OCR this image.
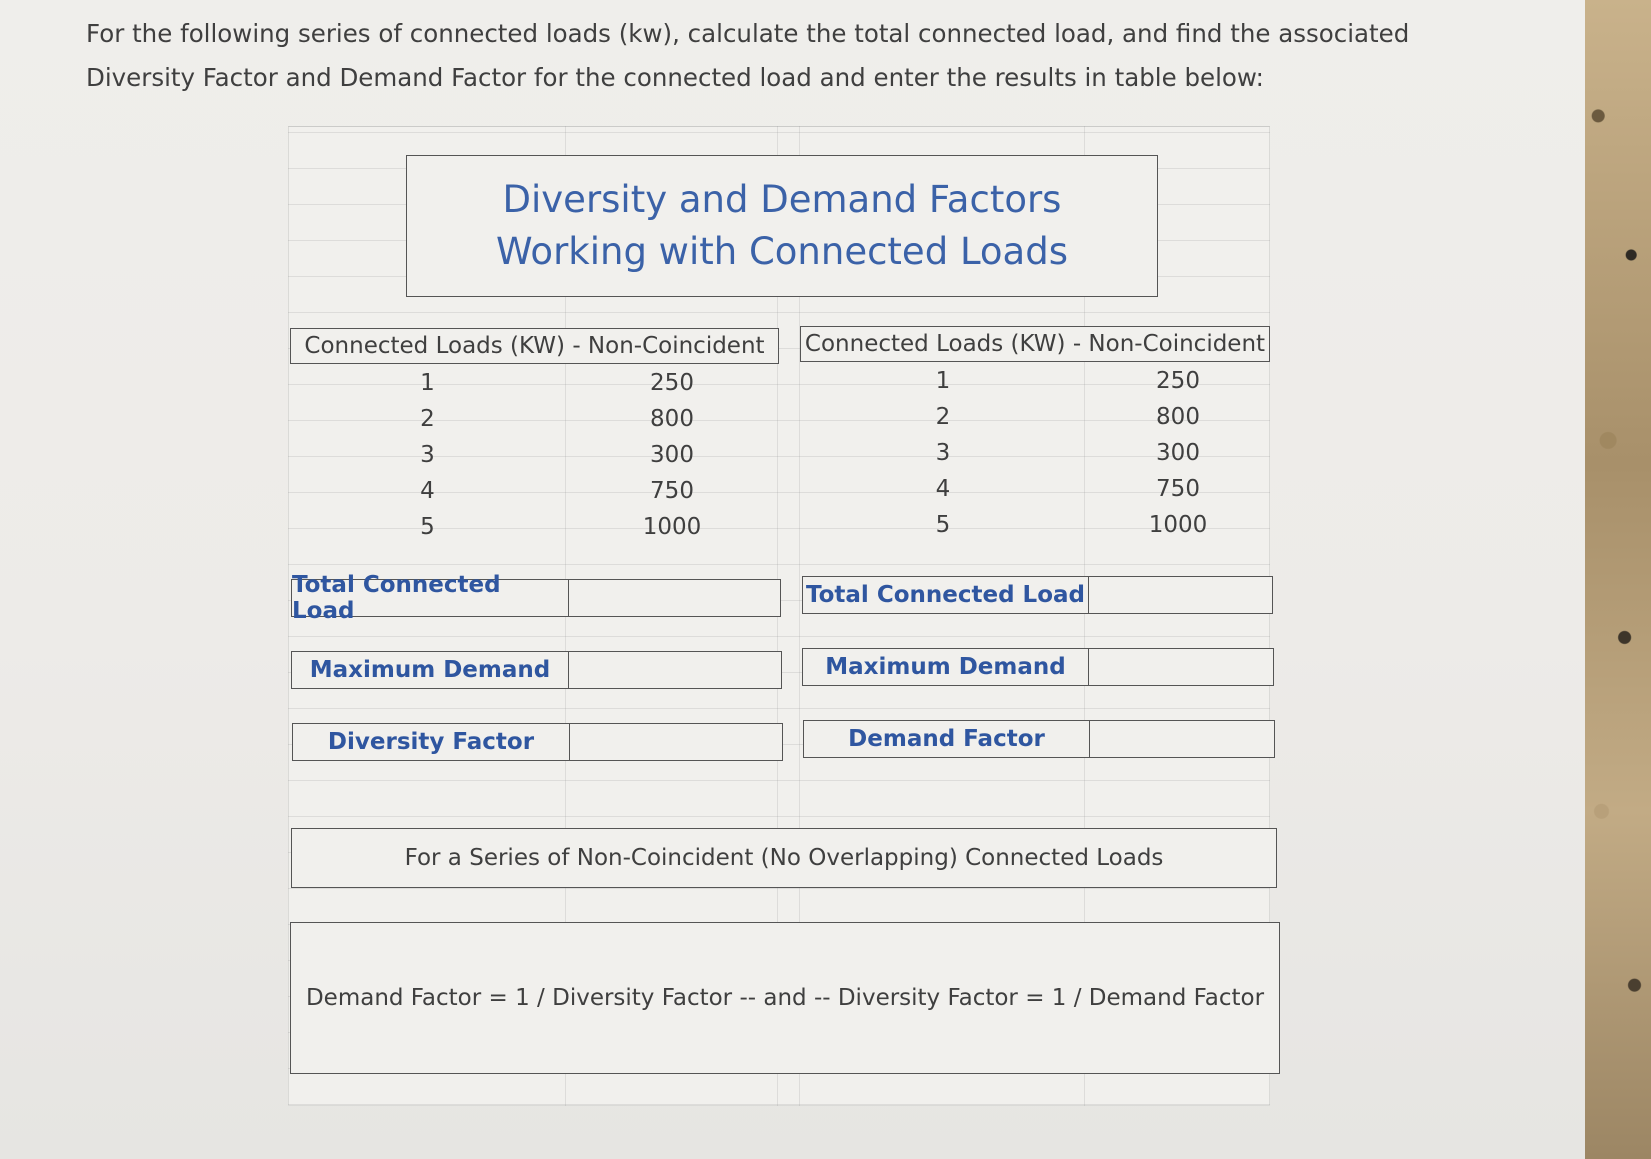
For the following series of connected loads (kw), calculate the total connected load, and find the associated Diversity Factor and Demand Factor for the connected load and enter the results in table below:
Diversity and Demand Factors
Working with Connected Loads
Connected Loads (KW) - Non-Coincident
1	250
2	800
3	300
4	750
5	1000
Total Connected Load
Maximum Demand
Diversity Factor
Connected Loads (KW) - Non-Coincident
1	250
2	800
3	300
4	750
5	1000
Total Connected Load
Maximum Demand
Demand Factor
For a Series of Non-Coincident (No Overlapping) Connected Loads
Demand Factor = 1 / Diversity Factor -- and -- Diversity Factor = 1 / Demand Factor
